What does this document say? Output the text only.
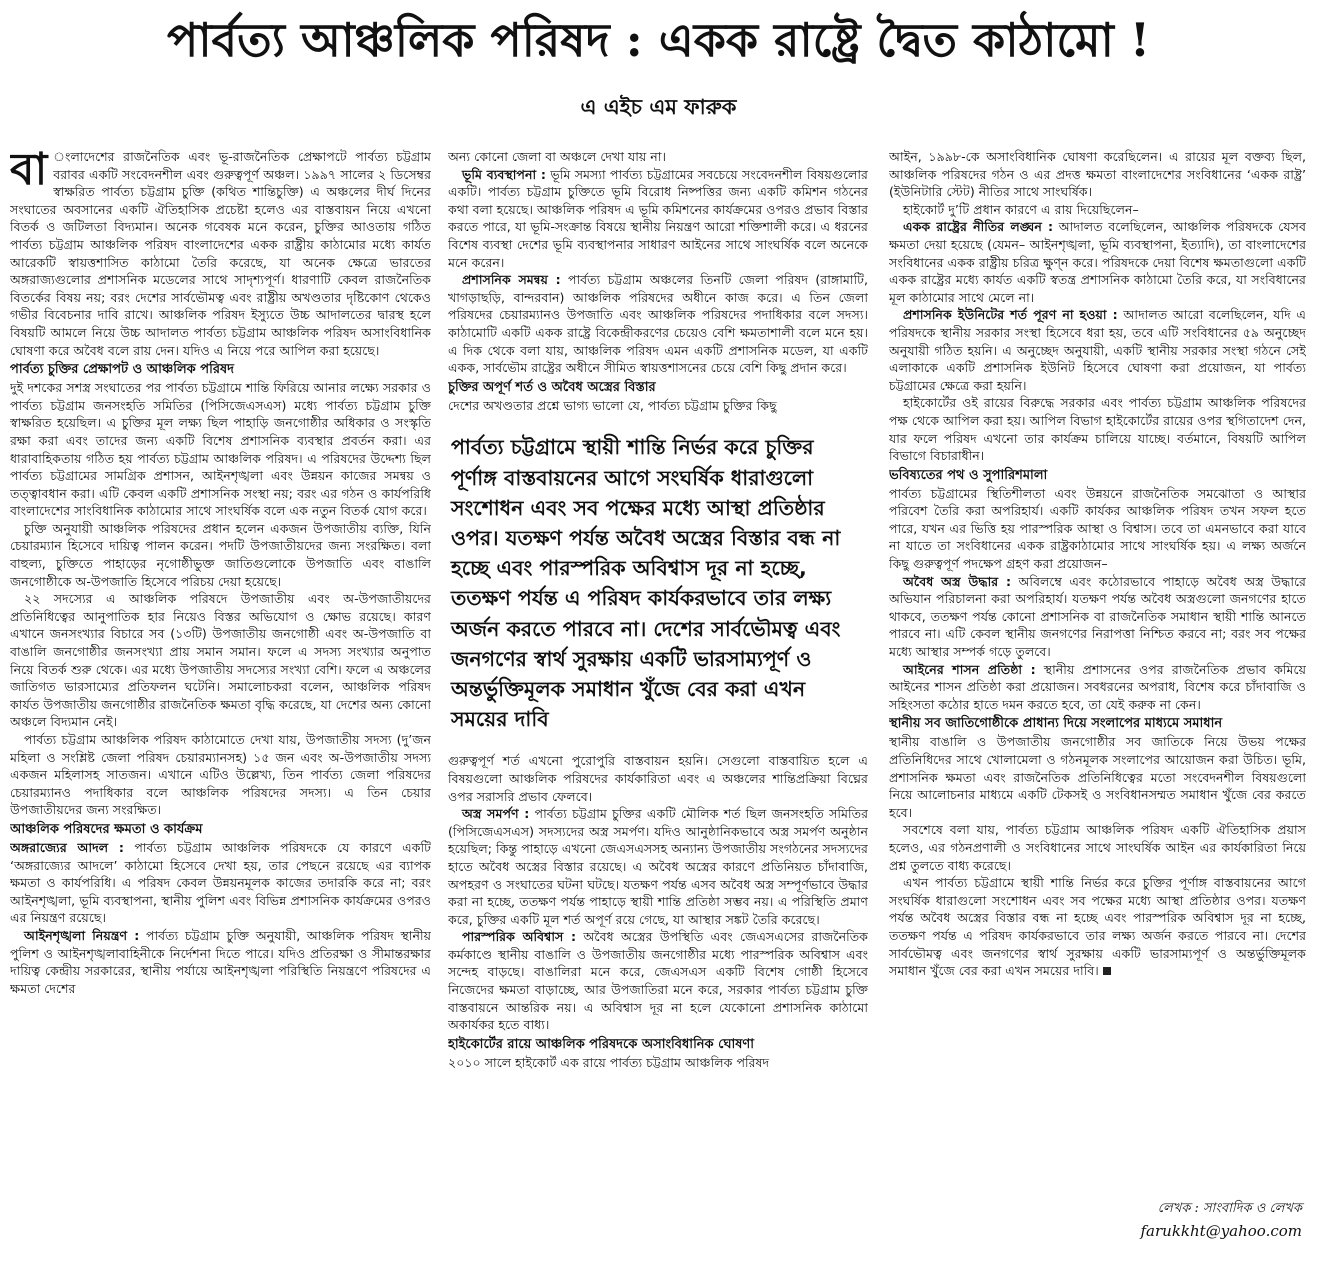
পার্বত্য আঞ্চলিক পরিষদ : একক রাষ্ট্রে দ্বৈত কাঠামো !
এ এইচ এম ফারুক

বা ংলাদেশের রাজনৈতিক এবং ভূ-রাজনৈতিক প্রেক্ষাপটে পার্বত্য চট্টগ্রাম বরাবর একটি সংবেদনশীল এবং গুরুত্বপূর্ণ অঞ্চল। ১৯৯৭ সালের ২ ডিসেম্বর স্বাক্ষরিত পার্বত্য চট্টগ্রাম চুক্তি (কথিত শান্তিচুক্তি) এ অঞ্চলের দীর্ঘ দিনের সংঘাতের অবসানের একটি ঐতিহাসিক প্রচেষ্টা হলেও এর বাস্তবায়ন নিয়ে এখনো বিতর্ক ও জটিলতা বিদ্যমান। অনেক গবেষক মনে করেন, চুক্তির আওতায় গঠিত পার্বত্য চট্টগ্রাম আঞ্চলিক পরিষদ বাংলাদেশের একক রাষ্ট্রীয় কাঠামোর মধ্যে কার্যত আরেকটি স্বায়ত্তশাসিত কাঠামো তৈরি করেছে, যা অনেক ক্ষেত্রে ভারতের অঙ্গরাজ্যগুলোর প্রশাসনিক মডেলের সাথে সাদৃশ্যপূর্ণ। ধারণাটি কেবল রাজনৈতিক বিতর্কের বিষয় নয়; বরং দেশের সার্বভৌমত্ব এবং রাষ্ট্রীয় অখণ্ডতার দৃষ্টিকোণ থেকেও গভীর বিবেচনার দাবি রাখে। আঞ্চলিক পরিষদ ইস্যুতে উচ্চ আদালতের দ্বারস্থ হলে বিষয়টি আমলে নিয়ে উচ্চ আদালত পার্বত্য চট্টগ্রাম আঞ্চলিক পরিষদ অসাংবিধানিক ঘোষণা করে অবৈধ বলে রায় দেন। যদিও এ নিয়ে পরে আপিল করা হয়েছে।

পার্বত্য চুক্তির প্রেক্ষাপট ও আঞ্চলিক পরিষদ

দুই দশকের সশস্ত্র সংঘাতের পর পার্বত্য চট্টগ্রামে শান্তি ফিরিয়ে আনার লক্ষ্যে সরকার ও পার্বত্য চট্টগ্রাম জনসংহতি সমিতির (পিসিজেএসএস) মধ্যে পার্বত্য চট্টগ্রাম চুক্তি স্বাক্ষরিত হয়েছিল। এ চুক্তির মূল লক্ষ্য ছিল পাহাড়ি জনগোষ্ঠীর অধিকার ও সংস্কৃতি রক্ষা করা এবং তাদের জন্য একটি বিশেষ প্রশাসনিক ব্যবস্থার প্রবর্তন করা। এর ধারাবাহিকতায় গঠিত হয় পার্বত্য চট্টগ্রাম আঞ্চলিক পরিষদ। এ পরিষদের উদ্দেশ্য ছিল পার্বত্য চট্টগ্রামের সামগ্রিক প্রশাসন, আইনশৃঙ্খলা এবং উন্নয়ন কাজের সমন্বয় ও তত্ত্বাবধান করা। এটি কেবল একটি প্রশাসনিক সংস্থা নয়; বরং এর গঠন ও কার্যপরিধি বাংলাদেশের সাংবিধানিক কাঠামোর সাথে সাংঘর্ষিক বলে এক নতুন বিতর্ক যোগ করে।

চুক্তি অনুযায়ী আঞ্চলিক পরিষদের প্রধান হলেন একজন উপজাতীয় ব্যক্তি, যিনি চেয়ারম্যান হিসেবে দায়িত্ব পালন করেন। পদটি উপজাতীয়দের জন্য সংরক্ষিত। বলা বাহুল্য, চুক্তিতে পাহাড়ের নৃগোষ্ঠীভুক্ত জাতিগুলোকে উপজাতি এবং বাঙালি জনগোষ্ঠীকে অ-উপজাতি হিসেবে পরিচয় দেয়া হয়েছে।

২২ সদস্যের এ আঞ্চলিক পরিষদে উপজাতীয় এবং অ-উপজাতীয়দের প্রতিনিধিত্বের আনুপাতিক হার নিয়েও বিস্তর অভিযোগ ও ক্ষোভ রয়েছে। কারণ এখানে জনসংখ্যার বিচারে সব (১৩টি) উপজাতীয় জনগোষ্ঠী এবং অ-উপজাতি বা বাঙালি জনগোষ্ঠীর জনসংখ্যা প্রায় সমান সমান। ফলে এ সদস্য সংখ্যার অনুপাত নিয়ে বিতর্ক শুরু থেকে। এর মধ্যে উপজাতীয় সদস্যের সংখ্যা বেশি। ফলে এ অঞ্চলের জাতিগত ভারসাম্যের প্রতিফলন ঘটেনি। সমালোচকরা বলেন, আঞ্চলিক পরিষদ কার্যত উপজাতীয় জনগোষ্ঠীর রাজনৈতিক ক্ষমতা বৃদ্ধি করেছে, যা দেশের অন্য কোনো অঞ্চলে বিদ্যমান নেই।

পার্বত্য চট্টগ্রাম আঞ্চলিক পরিষদ কাঠামোতে দেখা যায়, উপজাতীয় সদস্য (দু’জন মহিলা ও সংশ্লিষ্ট জেলা পরিষদ চেয়ারম্যানসহ) ১৫ জন এবং অ-উপজাতীয় সদস্য একজন মহিলাসহ সাতজন। এখানে এটিও উল্লেখ্য, তিন পার্বত্য জেলা পরিষদের চেয়ারম্যানও পদাধিকার বলে আঞ্চলিক পরিষদের সদস্য। এ তিন চেয়ার উপজাতীয়দের জন্য সংরক্ষিত।

আঞ্চলিক পরিষদের ক্ষমতা ও কার্যক্রম

অঙ্গরাজ্যের আদল : পার্বত্য চট্টগ্রাম আঞ্চলিক পরিষদকে যে কারণে একটি ‘অঙ্গরাজ্যের আদলে’ কাঠামো হিসেবে দেখা হয়, তার পেছনে রয়েছে এর ব্যাপক ক্ষমতা ও কার্যপরিধি। এ পরিষদ কেবল উন্নয়নমূলক কাজের তদারকি করে না; বরং আইনশৃঙ্খলা, ভূমি ব্যবস্থাপনা, স্থানীয় পুলিশ এবং বিভিন্ন প্রশাসনিক কার্যক্রমের ওপরও এর নিয়ন্ত্রণ রয়েছে।

আইনশৃঙ্খলা নিয়ন্ত্রণ : পার্বত্য চট্টগ্রাম চুক্তি অনুযায়ী, আঞ্চলিক পরিষদ স্থানীয় পুলিশ ও আইনশৃঙ্খলাবাহিনীকে নির্দেশনা দিতে পারে। যদিও প্রতিরক্ষা ও সীমান্তরক্ষার দায়িত্ব কেন্দ্রীয় সরকারের, স্থানীয় পর্যায়ে আইনশৃঙ্খলা পরিস্থিতি নিয়ন্ত্রণে পরিষদের এ ক্ষমতা দেশের

অন্য কোনো জেলা বা অঞ্চলে দেখা যায় না।

ভূমি ব্যবস্থাপনা : ভূমি সমস্যা পার্বত্য চট্টগ্রামের সবচেয়ে সংবেদনশীল বিষয়গুলোর একটি। পার্বত্য চট্টগ্রাম চুক্তিতে ভূমি বিরোধ নিষ্পত্তির জন্য একটি কমিশন গঠনের কথা বলা হয়েছে। আঞ্চলিক পরিষদ এ ভূমি কমিশনের কার্যক্রমের ওপরও প্রভাব বিস্তার করতে পারে, যা ভূমি-সংক্রান্ত বিষয়ে স্থানীয় নিয়ন্ত্রণ আরো শক্তিশালী করে। এ ধরনের বিশেষ ব্যবস্থা দেশের ভূমি ব্যবস্থাপনার সাধারণ আইনের সাথে সাংঘর্ষিক বলে অনেকে মনে করেন।

প্রশাসনিক সমন্বয় : পার্বত্য চট্টগ্রাম অঞ্চলের তিনটি জেলা পরিষদ (রাঙ্গামাটি, খাগড়াছড়ি, বান্দরবান) আঞ্চলিক পরিষদের অধীনে কাজ করে। এ তিন জেলা পরিষদের চেয়ারম্যানও উপজাতি এবং আঞ্চলিক পরিষদের পদাধিকার বলে সদস্য। কাঠামোটি একটি একক রাষ্ট্রে বিকেন্দ্রীকরণের চেয়েও বেশি ক্ষমতাশালী বলে মনে হয়। এ দিক থেকে বলা যায়, আঞ্চলিক পরিষদ এমন একটি প্রশাসনিক মডেল, যা একটি একক, সার্বভৌম রাষ্ট্রের অধীনে সীমিত স্বায়ত্তশাসনের চেয়ে বেশি কিছু প্রদান করে।

চুক্তির অপূর্ণ শর্ত ও অবৈধ অস্ত্রের বিস্তার

দেশের অখণ্ডতার প্রশ্নে ভাগ্য ভালো যে, পার্বত্য চট্টগ্রাম চুক্তির কিছু

পার্বত্য চট্টগ্রামে স্থায়ী শান্তি নির্ভর করে চুক্তির পূর্ণাঙ্গ বাস্তবায়নের আগে সংঘর্ষিক ধারাগুলো সংশোধন এবং সব পক্ষের মধ্যে আস্থা প্রতিষ্ঠার ওপর। যতক্ষণ পর্যন্ত অবৈধ অস্ত্রের বিস্তার বন্ধ না হচ্ছে এবং পারস্পরিক অবিশ্বাস দূর না হচ্ছে, ততক্ষণ পর্যন্ত এ পরিষদ কার্যকরভাবে তার লক্ষ্য অর্জন করতে পারবে না। দেশের সার্বভৌমত্ব এবং জনগণের স্বার্থ সুরক্ষায় একটি ভারসাম্যপূর্ণ ও অন্তর্ভুক্তিমূলক সমাধান খুঁজে বের করা এখন সময়ের দাবি

গুরুত্বপূর্ণ শর্ত এখনো পুরোপুরি বাস্তবায়ন হয়নি। সেগুলো বাস্তবায়িত হলে এ বিষয়গুলো আঞ্চলিক পরিষদের কার্যকারিতা এবং এ অঞ্চলের শান্তিপ্রক্রিয়া বিঘ্নের ওপর সরাসরি প্রভাব ফেলবে।

অস্ত্র সমর্পণ : পার্বত্য চট্টগ্রাম চুক্তির একটি মৌলিক শর্ত ছিল জনসংহতি সমিতির (পিসিজেএসএস) সদস্যদের অস্ত্র সমর্পণ। যদিও আনুষ্ঠানিকভাবে অস্ত্র সমর্পণ অনুষ্ঠান হয়েছিল; কিন্তু পাহাড়ে এখনো জেএসএসসহ অন্যান্য উপজাতীয় সংগঠনের সদস্যদের হাতে অবৈধ অস্ত্রের বিস্তার রয়েছে। এ অবৈধ অস্ত্রের কারণে প্রতিনিয়ত চাঁদাবাজি, অপহরণ ও সংঘাতের ঘটনা ঘটছে। যতক্ষণ পর্যন্ত এসব অবৈধ অস্ত্র সম্পূর্ণভাবে উদ্ধার করা না হচ্ছে, ততক্ষণ পর্যন্ত পাহাড়ে স্থায়ী শান্তি প্রতিষ্ঠা সম্ভব নয়। এ পরিস্থিতি প্রমাণ করে, চুক্তির একটি মূল শর্ত অপূর্ণ রয়ে গেছে, যা আস্থার সঙ্কট তৈরি করেছে।

পারস্পরিক অবিশ্বাস : অবৈধ অস্ত্রের উপস্থিতি এবং জেএসএসের রাজনৈতিক কর্মকাণ্ডে স্থানীয় বাঙালি ও উপজাতীয় জনগোষ্ঠীর মধ্যে পারস্পরিক অবিশ্বাস এবং সন্দেহ বাড়ছে। বাঙালিরা মনে করে, জেএসএস একটি বিশেষ গোষ্ঠী হিসেবে নিজেদের ক্ষমতা বাড়াচ্ছে, আর উপজাতিরা মনে করে, সরকার পার্বত্য চট্টগ্রাম চুক্তি বাস্তবায়নে আন্তরিক নয়। এ অবিশ্বাস দূর না হলে যেকোনো প্রশাসনিক কাঠামো অকার্যকর হতে বাধ্য।

হাইকোর্টের রায়ে আঞ্চলিক পরিষদকে অসাংবিধানিক ঘোষণা

২০১০ সালে হাইকোর্ট এক রায়ে পার্বত্য চট্টগ্রাম আঞ্চলিক পরিষদ

আইন, ১৯৯৮-কে অসাংবিধানিক ঘোষণা করেছিলেন। এ রায়ের মূল বক্তব্য ছিল, আঞ্চলিক পরিষদের গঠন ও এর প্রদত্ত ক্ষমতা বাংলাদেশের সংবিধানের ‘একক রাষ্ট্র’ (ইউনিটারি স্টেট) নীতির সাথে সাংঘর্ষিক।

হাইকোর্ট দু’টি প্রধান কারণে এ রায় দিয়েছিলেন–

একক রাষ্ট্রের নীতির লঙ্ঘন : আদালত বলেছিলেন, আঞ্চলিক পরিষদকে যেসব ক্ষমতা দেয়া হয়েছে (যেমন– আইনশৃঙ্খলা, ভূমি ব্যবস্থাপনা, ইত্যাদি), তা বাংলাদেশের সংবিধানের একক রাষ্ট্রীয় চরিত্র ক্ষুণ্ন করে। পরিষদকে দেয়া বিশেষ ক্ষমতাগুলো একটি একক রাষ্ট্রের মধ্যে কার্যত একটি স্বতন্ত্র প্রশাসনিক কাঠামো তৈরি করে, যা সংবিধানের মূল কাঠামোর সাথে মেলে না।

প্রশাসনিক ইউনিটের শর্ত পূরণ না হওয়া : আদালত আরো বলেছিলেন, যদি এ পরিষদকে স্থানীয় সরকার সংস্থা হিসেবে ধরা হয়, তবে এটি সংবিধানের ৫৯ অনুচ্ছেদ অনুযায়ী গঠিত হয়নি। এ অনুচ্ছেদ অনুযায়ী, একটি স্থানীয় সরকার সংস্থা গঠনে সেই এলাকাকে একটি প্রশাসনিক ইউনিট হিসেবে ঘোষণা করা প্রয়োজন, যা পার্বত্য চট্টগ্রামের ক্ষেত্রে করা হয়নি।

হাইকোর্টের ওই রায়ের বিরুদ্ধে সরকার এবং পার্বত্য চট্টগ্রাম আঞ্চলিক পরিষদের পক্ষ থেকে আপিল করা হয়। আপিল বিভাগ হাইকোর্টের রায়ের ওপর স্থগিতাদেশ দেন, যার ফলে পরিষদ এখনো তার কার্যক্রম চালিয়ে যাচ্ছে। বর্তমানে, বিষয়টি আপিল বিভাগে বিচারাধীন।

ভবিষ্যতের পথ ও সুপারিশমালা

পার্বত্য চট্টগ্রামের স্থিতিশীলতা এবং উন্নয়নে রাজনৈতিক সমঝোতা ও আস্থার পরিবেশ তৈরি করা অপরিহার্য। একটি কার্যকর আঞ্চলিক পরিষদ তখন সফল হতে পারে, যখন এর ভিত্তি হয় পারস্পরিক আস্থা ও বিশ্বাস। তবে তা এমনভাবে করা যাবে না যাতে তা সংবিধানের একক রাষ্ট্রকাঠামোর সাথে সাংঘর্ষিক হয়। এ লক্ষ্য অর্জনে কিছু গুরুত্বপূর্ণ পদক্ষেপ গ্রহণ করা প্রয়োজন–

অবৈধ অস্ত্র উদ্ধার : অবিলম্বে এবং কঠোরভাবে পাহাড়ে অবৈধ অস্ত্র উদ্ধারে অভিযান পরিচালনা করা অপরিহার্য। যতক্ষণ পর্যন্ত অবৈধ অস্ত্রগুলো জনগণের হাতে থাকবে, ততক্ষণ পর্যন্ত কোনো প্রশাসনিক বা রাজনৈতিক সমাধান স্থায়ী শান্তি আনতে পারবে না। এটি কেবল স্থানীয় জনগণের নিরাপত্তা নিশ্চিত করবে না; বরং সব পক্ষের মধ্যে আস্থার সম্পর্ক গড়ে তুলবে।

আইনের শাসন প্রতিষ্ঠা : স্থানীয় প্রশাসনের ওপর রাজনৈতিক প্রভাব কমিয়ে আইনের শাসন প্রতিষ্ঠা করা প্রয়োজন। সবধরনের অপরাধ, বিশেষ করে চাঁদাবাজি ও সহিংসতা কঠোর হাতে দমন করতে হবে, তা যেই করুক না কেন।

স্থানীয় সব জাতিগোষ্ঠীকে প্রাধান্য দিয়ে সংলাপের মাধ্যমে সমাধান

স্থানীয় বাঙালি ও উপজাতীয় জনগোষ্ঠীর সব জাতিকে নিয়ে উভয় পক্ষের প্রতিনিধিদের সাথে খোলামেলা ও গঠনমূলক সংলাপের আয়োজন করা উচিত। ভূমি, প্রশাসনিক ক্ষমতা এবং রাজনৈতিক প্রতিনিধিত্বের মতো সংবেদনশীল বিষয়গুলো নিয়ে আলোচনার মাধ্যমে একটি টেকসই ও সংবিধানসম্মত সমাধান খুঁজে বের করতে হবে।

সবশেষে বলা যায়, পার্বত্য চট্টগ্রাম আঞ্চলিক পরিষদ একটি ঐতিহাসিক প্রয়াস হলেও, এর গঠনপ্রণালী ও সংবিধানের সাথে সাংঘর্ষিক আইন এর কার্যকারিতা নিয়ে প্রশ্ন তুলতে বাধ্য করেছে।

এখন পার্বত্য চট্টগ্রামে স্থায়ী শান্তি নির্ভর করে চুক্তির পূর্ণাঙ্গ বাস্তবায়নের আগে সংঘর্ষিক ধারাগুলো সংশোধন এবং সব পক্ষের মধ্যে আস্থা প্রতিষ্ঠার ওপর। যতক্ষণ পর্যন্ত অবৈধ অস্ত্রের বিস্তার বন্ধ না হচ্ছে এবং পারস্পরিক অবিশ্বাস দূর না হচ্ছে, ততক্ষণ পর্যন্ত এ পরিষদ কার্যকরভাবে তার লক্ষ্য অর্জন করতে পারবে না। দেশের সার্বভৌমত্ব এবং জনগণের স্বার্থ সুরক্ষায় একটি ভারসাম্যপূর্ণ ও অন্তর্ভুক্তিমূলক সমাধান খুঁজে বের করা এখন সময়ের দাবি।

লেখক : সাংবাদিক ও লেখক
farukkht@yahoo.com
